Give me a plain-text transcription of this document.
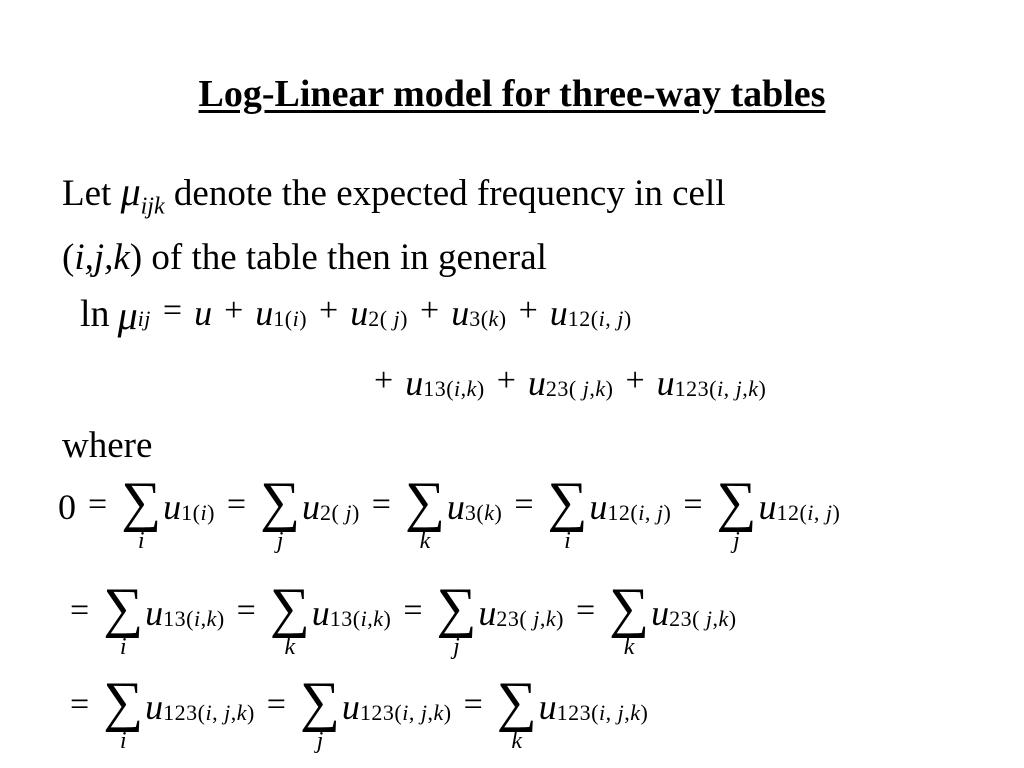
Log-Linear model for three-way tables
Let $\mu_{ijk}$ denote the expected frequency in cell
(i,j,k) of the table then in general
ln μ ij = u + u 1(i) + u 2( j) + u 3(k) + u 12(i, j)
+ u 13(i,k) + u 23( j,k) + u 123(i, j,k)
where
0 = ∑
i
u 1(i) = ∑
j
u 2( j) = ∑
k
u 3(k) = ∑
i
u 12(i, j) = ∑
j
u 12(i, j)
= ∑
i
u 13(i,k) = ∑
k
u 13(i,k) = ∑
j
u 23( j,k) = ∑
k
u 23( j,k)
= ∑
i
u 123(i, j,k) = ∑
j
u 123(i, j,k) = ∑
k
u 123(i, j,k)
